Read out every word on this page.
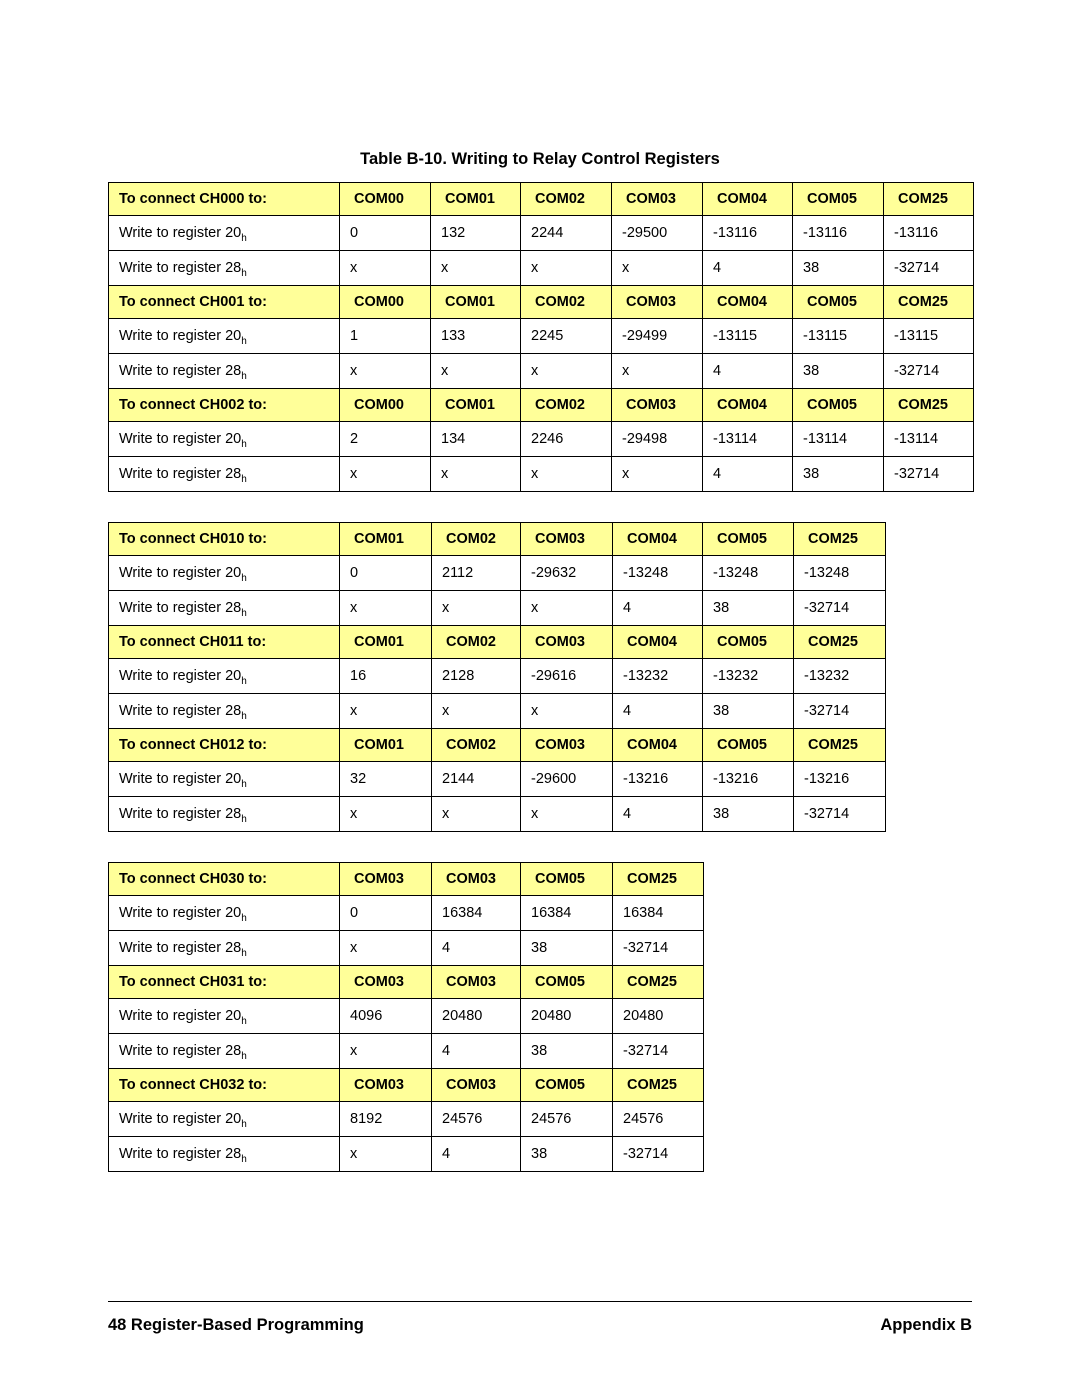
Table B-10. Writing to Relay Control Registers
To connect CH000 to:	COM00	COM01	COM02	COM03	COM04	COM05	COM25
Write to register $20_h$	0	132	2244	-29500	-13116	-13116	-13116
Write to register $28_h$	x	x	x	x	4	38	-32714
To connect CH001 to:	COM00	COM01	COM02	COM03	COM04	COM05	COM25
Write to register $20_h$	1	133	2245	-29499	-13115	-13115	-13115
Write to register $28_h$	x	x	x	x	4	38	-32714
To connect CH002 to:	COM00	COM01	COM02	COM03	COM04	COM05	COM25
Write to register $20_h$	2	134	2246	-29498	-13114	-13114	-13114
Write to register $28_h$	x	x	x	x	4	38	-32714
To connect CH010 to:	COM01	COM02	COM03	COM04	COM05	COM25
Write to register $20_h$	0	2112	-29632	-13248	-13248	-13248
Write to register $28_h$	x	x	x	4	38	-32714
To connect CH011 to:	COM01	COM02	COM03	COM04	COM05	COM25
Write to register $20_h$	16	2128	-29616	-13232	-13232	-13232
Write to register $28_h$	x	x	x	4	38	-32714
To connect CH012 to:	COM01	COM02	COM03	COM04	COM05	COM25
Write to register $20_h$	32	2144	-29600	-13216	-13216	-13216
Write to register $28_h$	x	x	x	4	38	-32714
To connect CH030 to:	COM03	COM03	COM05	COM25
Write to register $20_h$	0	16384	16384	16384
Write to register $28_h$	x	4	38	-32714
To connect CH031 to:	COM03	COM03	COM05	COM25
Write to register $20_h$	4096	20480	20480	20480
Write to register $28_h$	x	4	38	-32714
To connect CH032 to:	COM03	COM03	COM05	COM25
Write to register $20_h$	8192	24576	24576	24576
Write to register $28_h$	x	4	38	-32714
48 Register-Based Programming	Appendix B
